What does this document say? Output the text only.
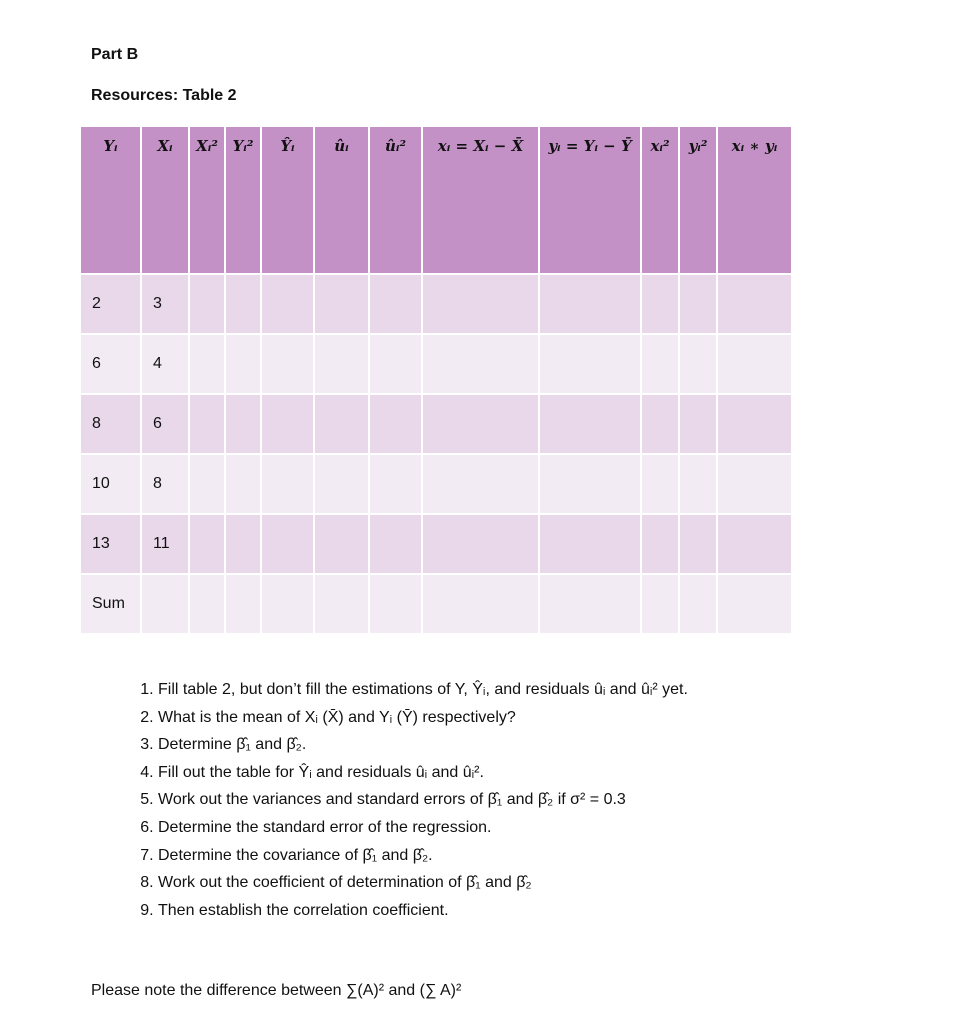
Part B
Resources: Table 2
Yᵢ	Xᵢ	Xᵢ²	Yᵢ²	Ŷᵢ	ûᵢ	ûᵢ²	xᵢ = Xᵢ − X̄	yᵢ = Yᵢ − Ȳ	xᵢ²	yᵢ²	xᵢ ∗ yᵢ
2	3										
6	4										
8	6										
10	8										
13	11										
Sum											
1. Fill table 2, but don’t fill the estimations of Y, Ŷᵢ, and residuals ûᵢ and ûᵢ² yet.
2. What is the mean of Xᵢ (X̄) and Yᵢ (Ȳ) respectively?
3. Determine β̂₁ and β̂₂.
4. Fill out the table for Ŷᵢ and residuals ûᵢ and ûᵢ².
5. Work out the variances and standard errors of β̂₁ and β̂₂ if σ² = 0.3
6. Determine the standard error of the regression.
7. Determine the covariance of β̂₁ and β̂₂.
8. Work out the coefficient of determination of β̂₁ and β̂₂
9. Then establish the correlation coefficient.
Please note the difference between ∑(A)² and (∑ A)²
